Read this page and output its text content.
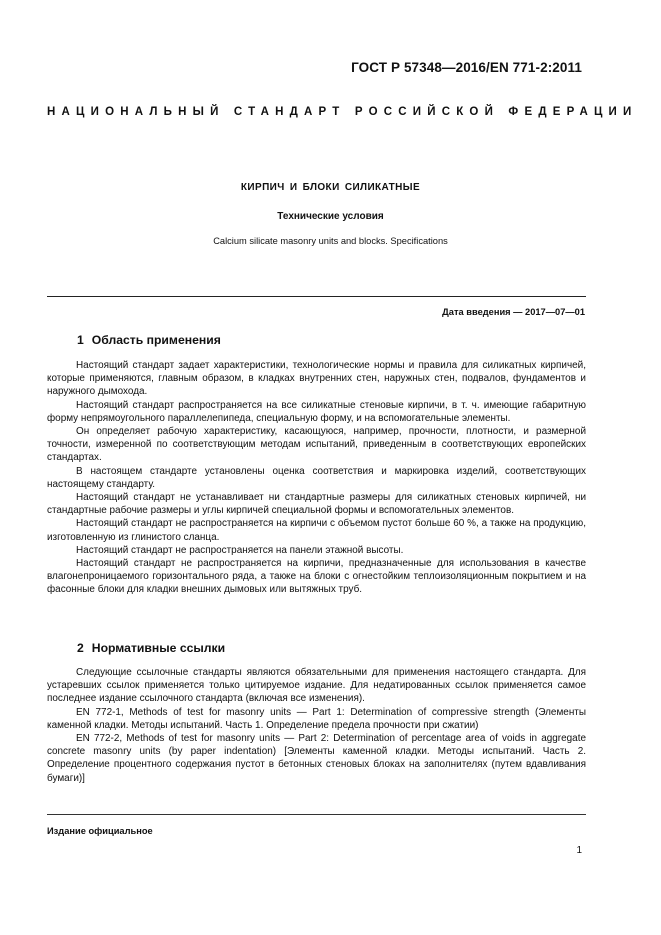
ГОСТ Р 57348—2016/EN 771-2:2011
НАЦИОНАЛЬНЫЙ СТАНДАРТ РОССИЙСКОЙ ФЕДЕРАЦИИ
КИРПИЧ И БЛОКИ СИЛИКАТНЫЕ
Технические условия
Calcium silicate masonry units and blocks. Specifications
Дата введения — 2017—07—01
1 Область применения

Настоящий стандарт задает характеристики, технологические нормы и правила для силикатных кирпичей, которые применяются, главным образом, в кладках внутренних стен, наружных стен, подвалов, фундаментов и наружного дымохода.

Настоящий стандарт распространяется на все силикатные стеновые кирпичи, в т. ч. имеющие габаритную форму непрямоугольного параллелепипеда, специальную форму, и на вспомогательные элементы.

Он определяет рабочую характеристику, касающуюся, например, прочности, плотности, и размерной точности, измеренной по соответствующим методам испытаний, приведенным в соответствующих европейских стандартах.

В настоящем стандарте установлены оценка соответствия и маркировка изделий, соответствующих настоящему стандарту.

Настоящий стандарт не устанавливает ни стандартные размеры для силикатных стеновых кирпичей, ни стандартные рабочие размеры и углы кирпичей специальной формы и вспомогательных элементов.

Настоящий стандарт не распространяется на кирпичи с объемом пустот больше 60 %, а также на продукцию, изготовленную из глинистого сланца.

Настоящий стандарт не распространяется на панели этажной высоты.

Настоящий стандарт не распространяется на кирпичи, предназначенные для использования в качестве влагонепроницаемого горизонтального ряда, а также на блоки с огнестойким теплоизоляционным покрытием и на фасонные блоки для кладки внешних дымовых или вытяжных труб.

2 Нормативные ссылки

Следующие ссылочные стандарты являются обязательными для применения настоящего стандарта. Для устаревших ссылок применяется только цитируемое издание. Для недатированных ссылок применяется самое последнее издание ссылочного стандарта (включая все изменения).

EN 772-1, Methods of test for masonry units — Part 1: Determination of compressive strength (Элементы каменной кладки. Методы испытаний. Часть 1. Определение предела прочности при сжатии)

EN 772-2, Methods of test for masonry units — Part 2: Determination of percentage area of voids in aggregate concrete masonry units (by paper indentation) [Элементы каменной кладки. Методы испытаний. Часть 2. Определение процентного содержания пустот в бетонных стеновых блоках на заполнителях (путем вдавливания бумаги)]

Издание официальное
1
